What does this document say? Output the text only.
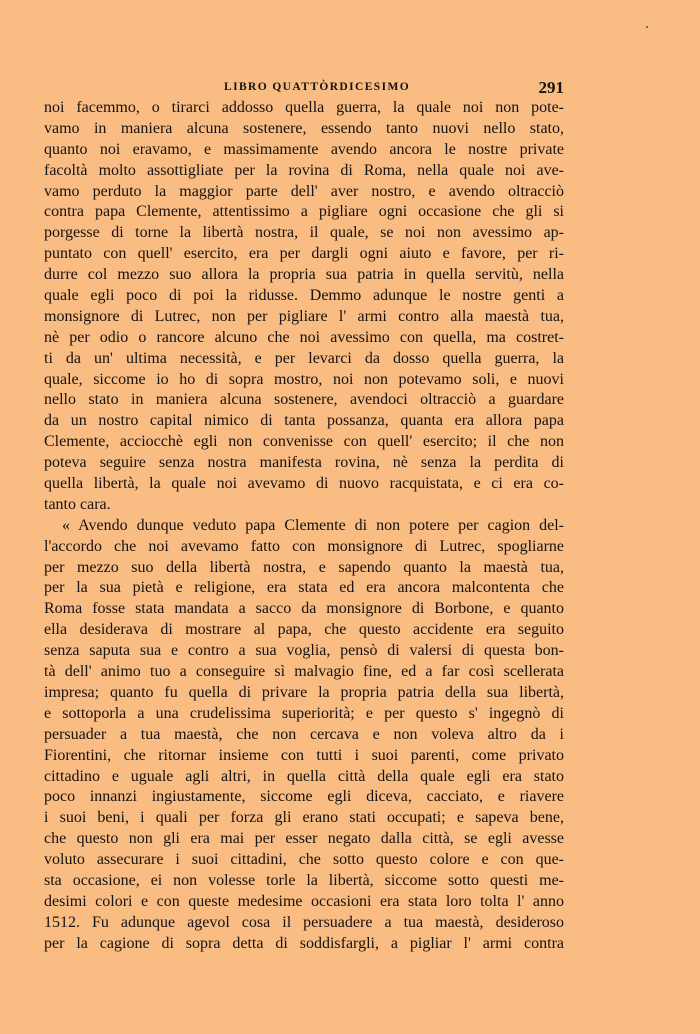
LIBRO QUATTÒRDICESIMO	291
noi facemmo, o tirarci addosso quella guerra, la quale noi non pote-
vamo in maniera alcuna sostenere, essendo tanto nuovi nello stato,
quanto noi eravamo, e massimamente avendo ancora le nostre private
facoltà molto assottigliate per la rovina di Roma, nella quale noi ave-
vamo perduto la maggior parte dell' aver nostro, e avendo oltracciò
contra papa Clemente, attentissimo a pigliare ogni occasione che gli si
porgesse di torne la libertà nostra, il quale, se noi non avessimo ap-
puntato con quell' esercito, era per dargli ogni aiuto e favore, per ri-
durre col mezzo suo allora la propria sua patria in quella servitù, nella
quale egli poco di poi la ridusse. Demmo adunque le nostre genti a
monsignore di Lutrec, non per pigliare l' armi contro alla maestà tua,
nè per odio o rancore alcuno che noi avessimo con quella, ma costret-
ti da un' ultima necessità, e per levarci da dosso quella guerra, la
quale, siccome io ho di sopra mostro, noi non potevamo soli, e nuovi
nello stato in maniera alcuna sostenere, avendoci oltracciò a guardare
da un nostro capital nimico di tanta possanza, quanta era allora papa
Clemente, acciocchè egli non convenisse con quell' esercito; il che non
poteva seguire senza nostra manifesta rovina, nè senza la perdita di
quella libertà, la quale noi avevamo di nuovo racquistata, e ci era co-
tanto cara.
« Avendo dunque veduto papa Clemente di non potere per cagion del-
l'accordo che noi avevamo fatto con monsignore di Lutrec, spogliarne
per mezzo suo della libertà nostra, e sapendo quanto la maestà tua,
per la sua pietà e religione, era stata ed era ancora malcontenta che
Roma fosse stata mandata a sacco da monsignore di Borbone, e quanto
ella desiderava di mostrare al papa, che questo accidente era seguito
senza saputa sua e contro a sua voglia, pensò di valersi di questa bon-
tà dell' animo tuo a conseguire sì malvagio fine, ed a far così scellerata
impresa; quanto fu quella di privare la propria patria della sua libertà,
e sottoporla a una crudelissima superiorità; e per questo s' ingegnò di
persuader a tua maestà, che non cercava e non voleva altro da i
Fiorentini, che ritornar insieme con tutti i suoi parenti, come privato
cittadino e uguale agli altri, in quella città della quale egli era stato
poco innanzi ingiustamente, siccome egli diceva, cacciato, e riavere
i suoi beni, i quali per forza gli erano stati occupati; e sapeva bene,
che questo non gli era mai per esser negato dalla città, se egli avesse
voluto assecurare i suoi cittadini, che sotto questo colore e con que-
sta occasione, ei non volesse torle la libertà, siccome sotto questi me-
desimi colori e con queste medesime occasioni era stata loro tolta l' anno
1512. Fu adunque agevol cosa il persuadere a tua maestà, desideroso
per la cagione di sopra detta di soddisfargli, a pigliar l' armi contra
